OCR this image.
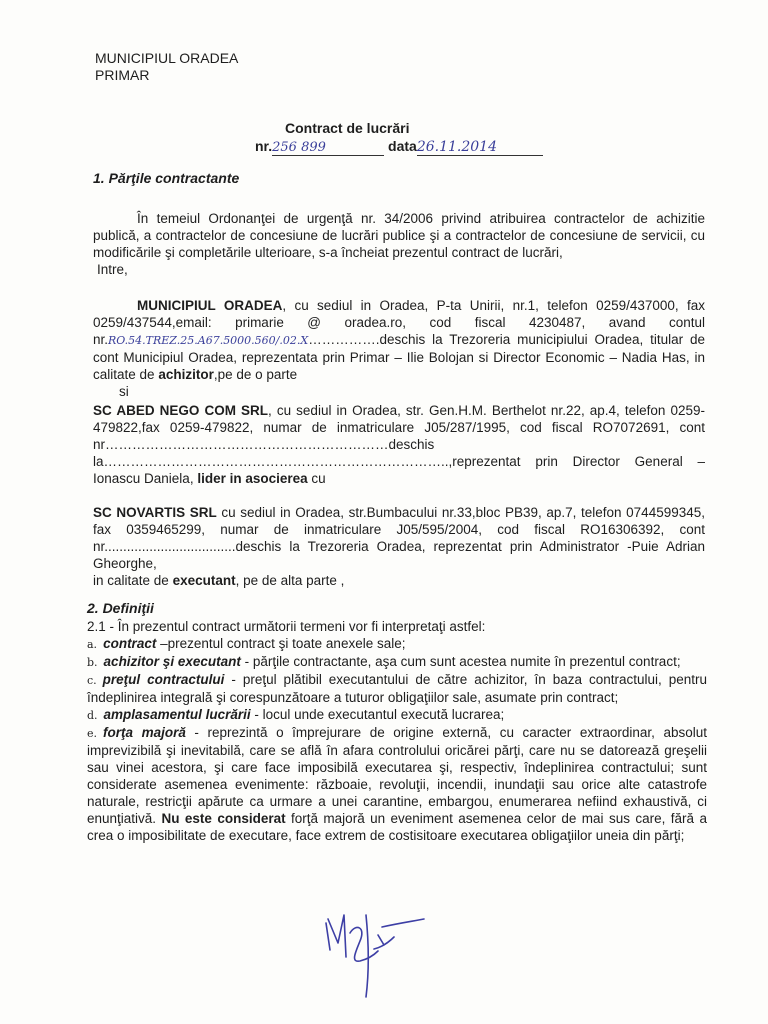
MUNICIPIUL ORADEA
PRIMAR
Contract de lucrări
nr.256 899	data26.11.2014
1. Părţile contractante

În temeiul Ordonanţei de urgenţă nr. 34/2006 privind atribuirea contractelor de achizitie publică, a contractelor de concesiune de lucrări publice şi a contractelor de concesiune de servicii, cu modificările şi completările ulterioare, s-a încheiat prezentul contract de lucrări,

Intre,

MUNICIPIUL ORADEA, cu sediul in Oradea, P-ta Unirii, nr.1, telefon 0259/437000, fax 0259/437544,email: primarie @ oradea.ro, cod fiscal 4230487, avand contul nr.RO.54.TREZ.25.A67.5000.560/.02.X…………….deschis la Trezoreria municipiului Oradea, titular de cont Municipiul Oradea, reprezentata prin Primar – Ilie Bolojan si Director Economic – Nadia Has, in calitate de achizitor,pe de o parte

si

SC ABED NEGO COM SRL, cu sediul in Oradea, str. Gen.H.M. Berthelot nr.22, ap.4, telefon 0259-479822,fax 0259-479822, numar de inmatriculare J05/287/1995, cod fiscal RO7072691, cont nr………………………………………………………deschis la…………………………………………………………………..,reprezentat prin Director General –Ionascu Daniela, lider in asocierea cu

SC NOVARTIS SRL cu sediul in Oradea, str.Bumbacului nr.33,bloc PB39, ap.7, telefon 0744599345, fax 0359465299, numar de inmatriculare J05/595/2004, cod fiscal RO16306392, cont nr...................................deschis la Trezoreria Oradea, reprezentat prin Administrator -Puie Adrian Gheorghe,
in calitate de executant, pe de alta parte ,

2. Definiţii

2.1 - În prezentul contract următorii termeni vor fi interpretaţi astfel:

a. contract –prezentul contract şi toate anexele sale;

b. achizitor şi executant - părţile contractante, aşa cum sunt acestea numite în prezentul contract;

c. preţul contractului - preţul plătibil executantului de către achizitor, în baza contractului, pentru îndeplinirea integrală şi corespunzătoare a tuturor obligaţiilor sale, asumate prin contract;

d. amplasamentul lucrării - locul unde executantul execută lucrarea;

e. forţa majoră - reprezintă o împrejurare de origine externă, cu caracter extraordinar, absolut imprevizibilă şi inevitabilă, care se află în afara controlului oricărei părţi, care nu se datorează greşelii sau vinei acestora, şi care face imposibilă executarea şi, respectiv, îndeplinirea contractului; sunt considerate asemenea evenimente: războaie, revoluţii, incendii, inundaţii sau orice alte catastrofe naturale, restricţii apărute ca urmare a unei carantine, embargou, enumerarea nefiind exhaustivă, ci enunţiativă. Nu este considerat forţă majoră un eveniment asemenea celor de mai sus care, fără a crea o imposibilitate de executare, face extrem de costisitoare executarea obligaţiilor uneia din părţi;
